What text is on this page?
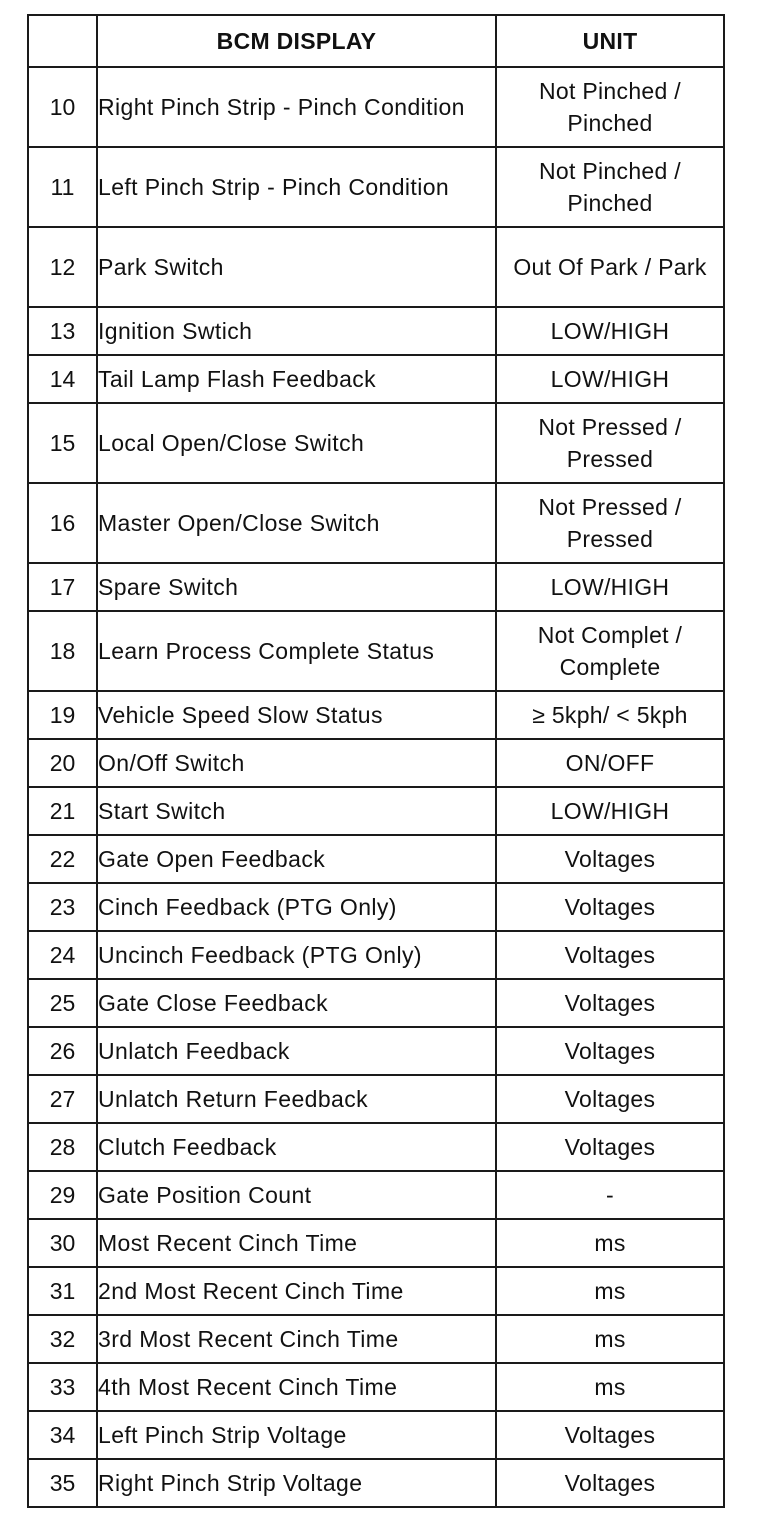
	BCM DISPLAY	UNIT
10	Right Pinch Strip - Pinch Condition	Not Pinched / Pinched
11	Left Pinch Strip - Pinch Condition	Not Pinched / Pinched
12	Park Switch	Out Of Park / Park
13	Ignition Swtich	LOW/HIGH
14	Tail Lamp Flash Feedback	LOW/HIGH
15	Local Open/Close Switch	Not Pressed / Pressed
16	Master Open/Close Switch	Not Pressed / Pressed
17	Spare Switch	LOW/HIGH
18	Learn Process Complete Status	Not Complet / Complete
19	Vehicle Speed Slow Status	≥ 5kph/ < 5kph
20	On/Off Switch	ON/OFF
21	Start Switch	LOW/HIGH
22	Gate Open Feedback	Voltages
23	Cinch Feedback (PTG Only)	Voltages
24	Uncinch Feedback (PTG Only)	Voltages
25	Gate Close Feedback	Voltages
26	Unlatch Feedback	Voltages
27	Unlatch Return Feedback	Voltages
28	Clutch Feedback	Voltages
29	Gate Position Count	-
30	Most Recent Cinch Time	ms
31	2nd Most Recent Cinch Time	ms
32	3rd Most Recent Cinch Time	ms
33	4th Most Recent Cinch Time	ms
34	Left Pinch Strip Voltage	Voltages
35	Right Pinch Strip Voltage	Voltages
